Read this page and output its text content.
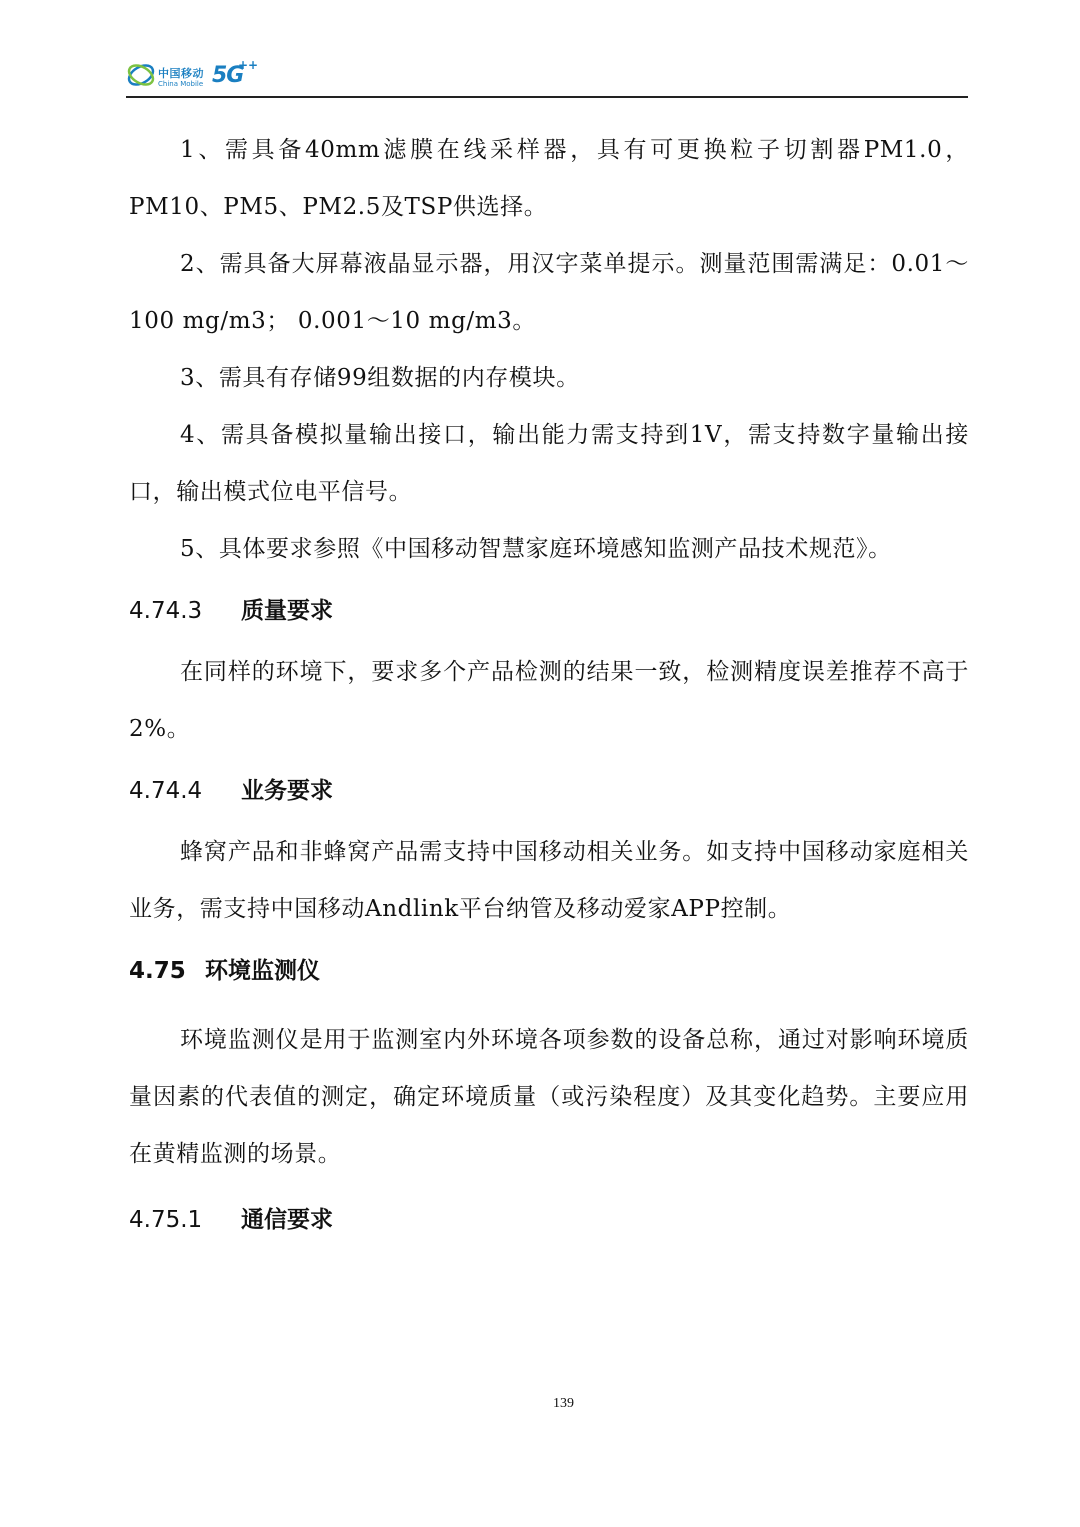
中国移动
China Mobile 5G
++

1、需具备40mm滤膜在线采样器，具有可更换粒子切割器PM1.0，PM10、PM5、PM2.5及TSP供选择。

2、需具备大屏幕液晶显示器，用汉字菜单提示。测量范围需满足：0.01～100 mg/m3； 0.001～10 mg/m3。

3、需具有存储99组数据的内存模块。

4、需具备模拟量输出接口，输出能力需支持到1V，需支持数字量输出接口，输出模式位电平信号。

5、具体要求参照《中国移动智慧家庭环境感知监测产品技术规范》。

4.74.3	质量要求

在同样的环境下，要求多个产品检测的结果一致，检测精度误差推荐不高于2%。

4.74.4	业务要求

蜂窝产品和非蜂窝产品需支持中国移动相关业务。如支持中国移动家庭相关业务，需支持中国移动Andlink平台纳管及移动爱家APP控制。

4.75 环境监测仪

环境监测仪是用于监测室内外环境各项参数的设备总称，通过对影响环境质量因素的代表值的测定，确定环境质量（或污染程度）及其变化趋势。主要应用在黄精监测的场景。

4.75.1	通信要求
139
